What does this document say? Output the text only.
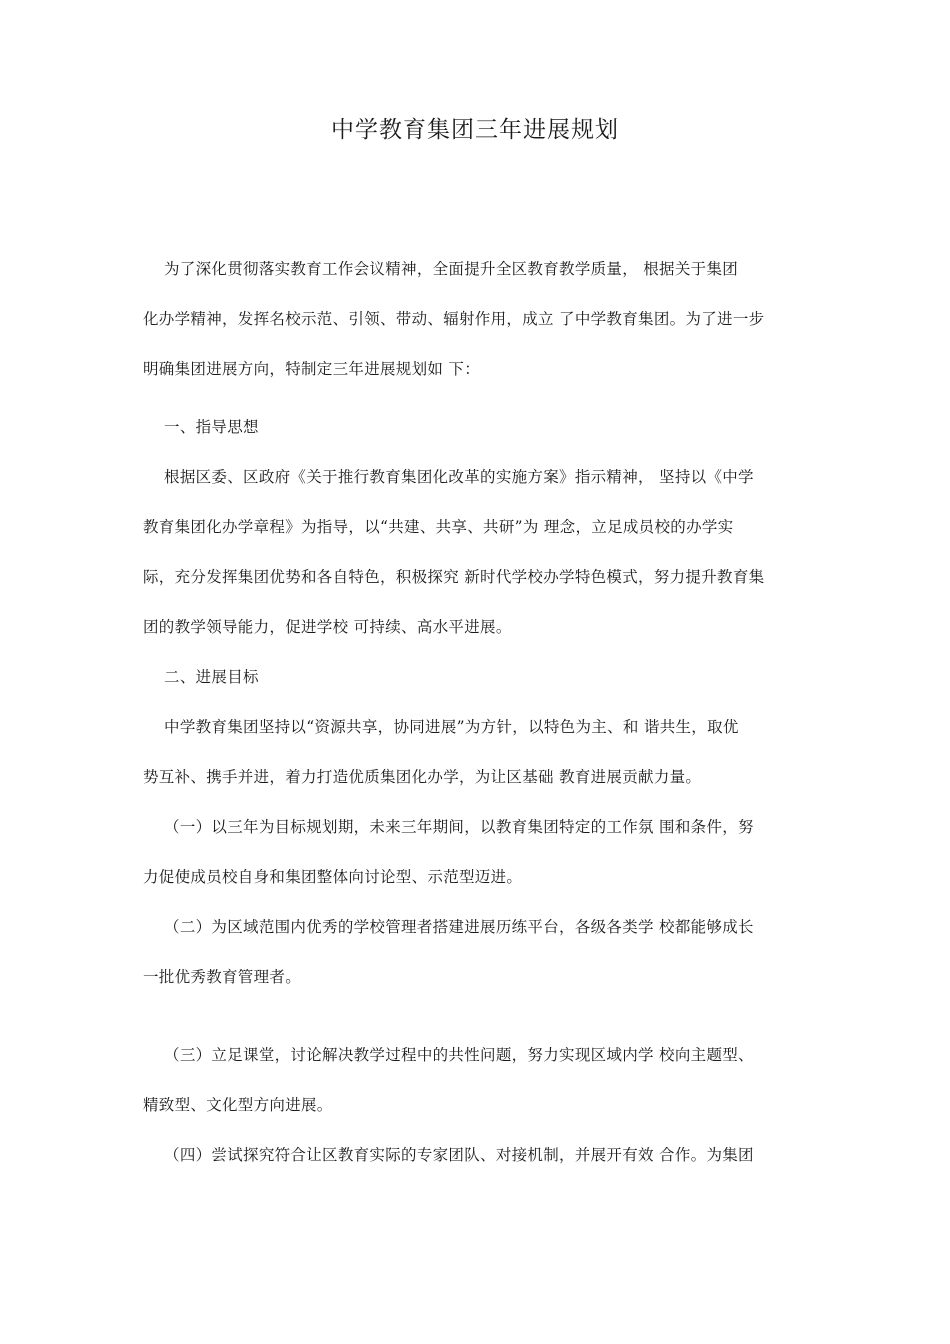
中学教育集团三年进展规划

　 为了深化贯彻落实教育工作会议精神，全面提升全区教育教学质量， 根据关于集团
化办学精神，发挥名校示范、引领、带动、辐射作用，成立 了中学教育集团。为了进一步
明确集团进展方向，特制定三年进展规划如 下：

　 一、指导思想

　 根据区委、区政府《关于推行教育集团化改革的实施方案》指示精神， 坚持以《中学
教育集团化办学章程》为指导，以“共建、共享、共研”为 理念，立足成员校的办学实
际，充分发挥集团优势和各自特色，积极探究 新时代学校办学特色模式，努力提升教育集
团的教学领导能力，促进学校 可持续、高水平进展。

　 二、进展目标

　 中学教育集团坚持以“资源共享，协同进展”为方针，以特色为主、和 谐共生，取优
势互补、携手并进，着力打造优质集团化办学，为让区基础 教育进展贡献力量。

　 （一）以三年为目标规划期，未来三年期间，以教育集团特定的工作氛 围和条件，努
力促使成员校自身和集团整体向讨论型、示范型迈进。

　 （二）为区域范围内优秀的学校管理者搭建进展历练平台，各级各类学 校都能够成长
一批优秀教育管理者。

　 （三）立足课堂，讨论解决教学过程中的共性问题，努力实现区域内学 校向主题型、
精致型、文化型方向进展。

　 （四）尝试探究符合让区教育实际的专家团队、对接机制，并展开有效 合作。为集团
